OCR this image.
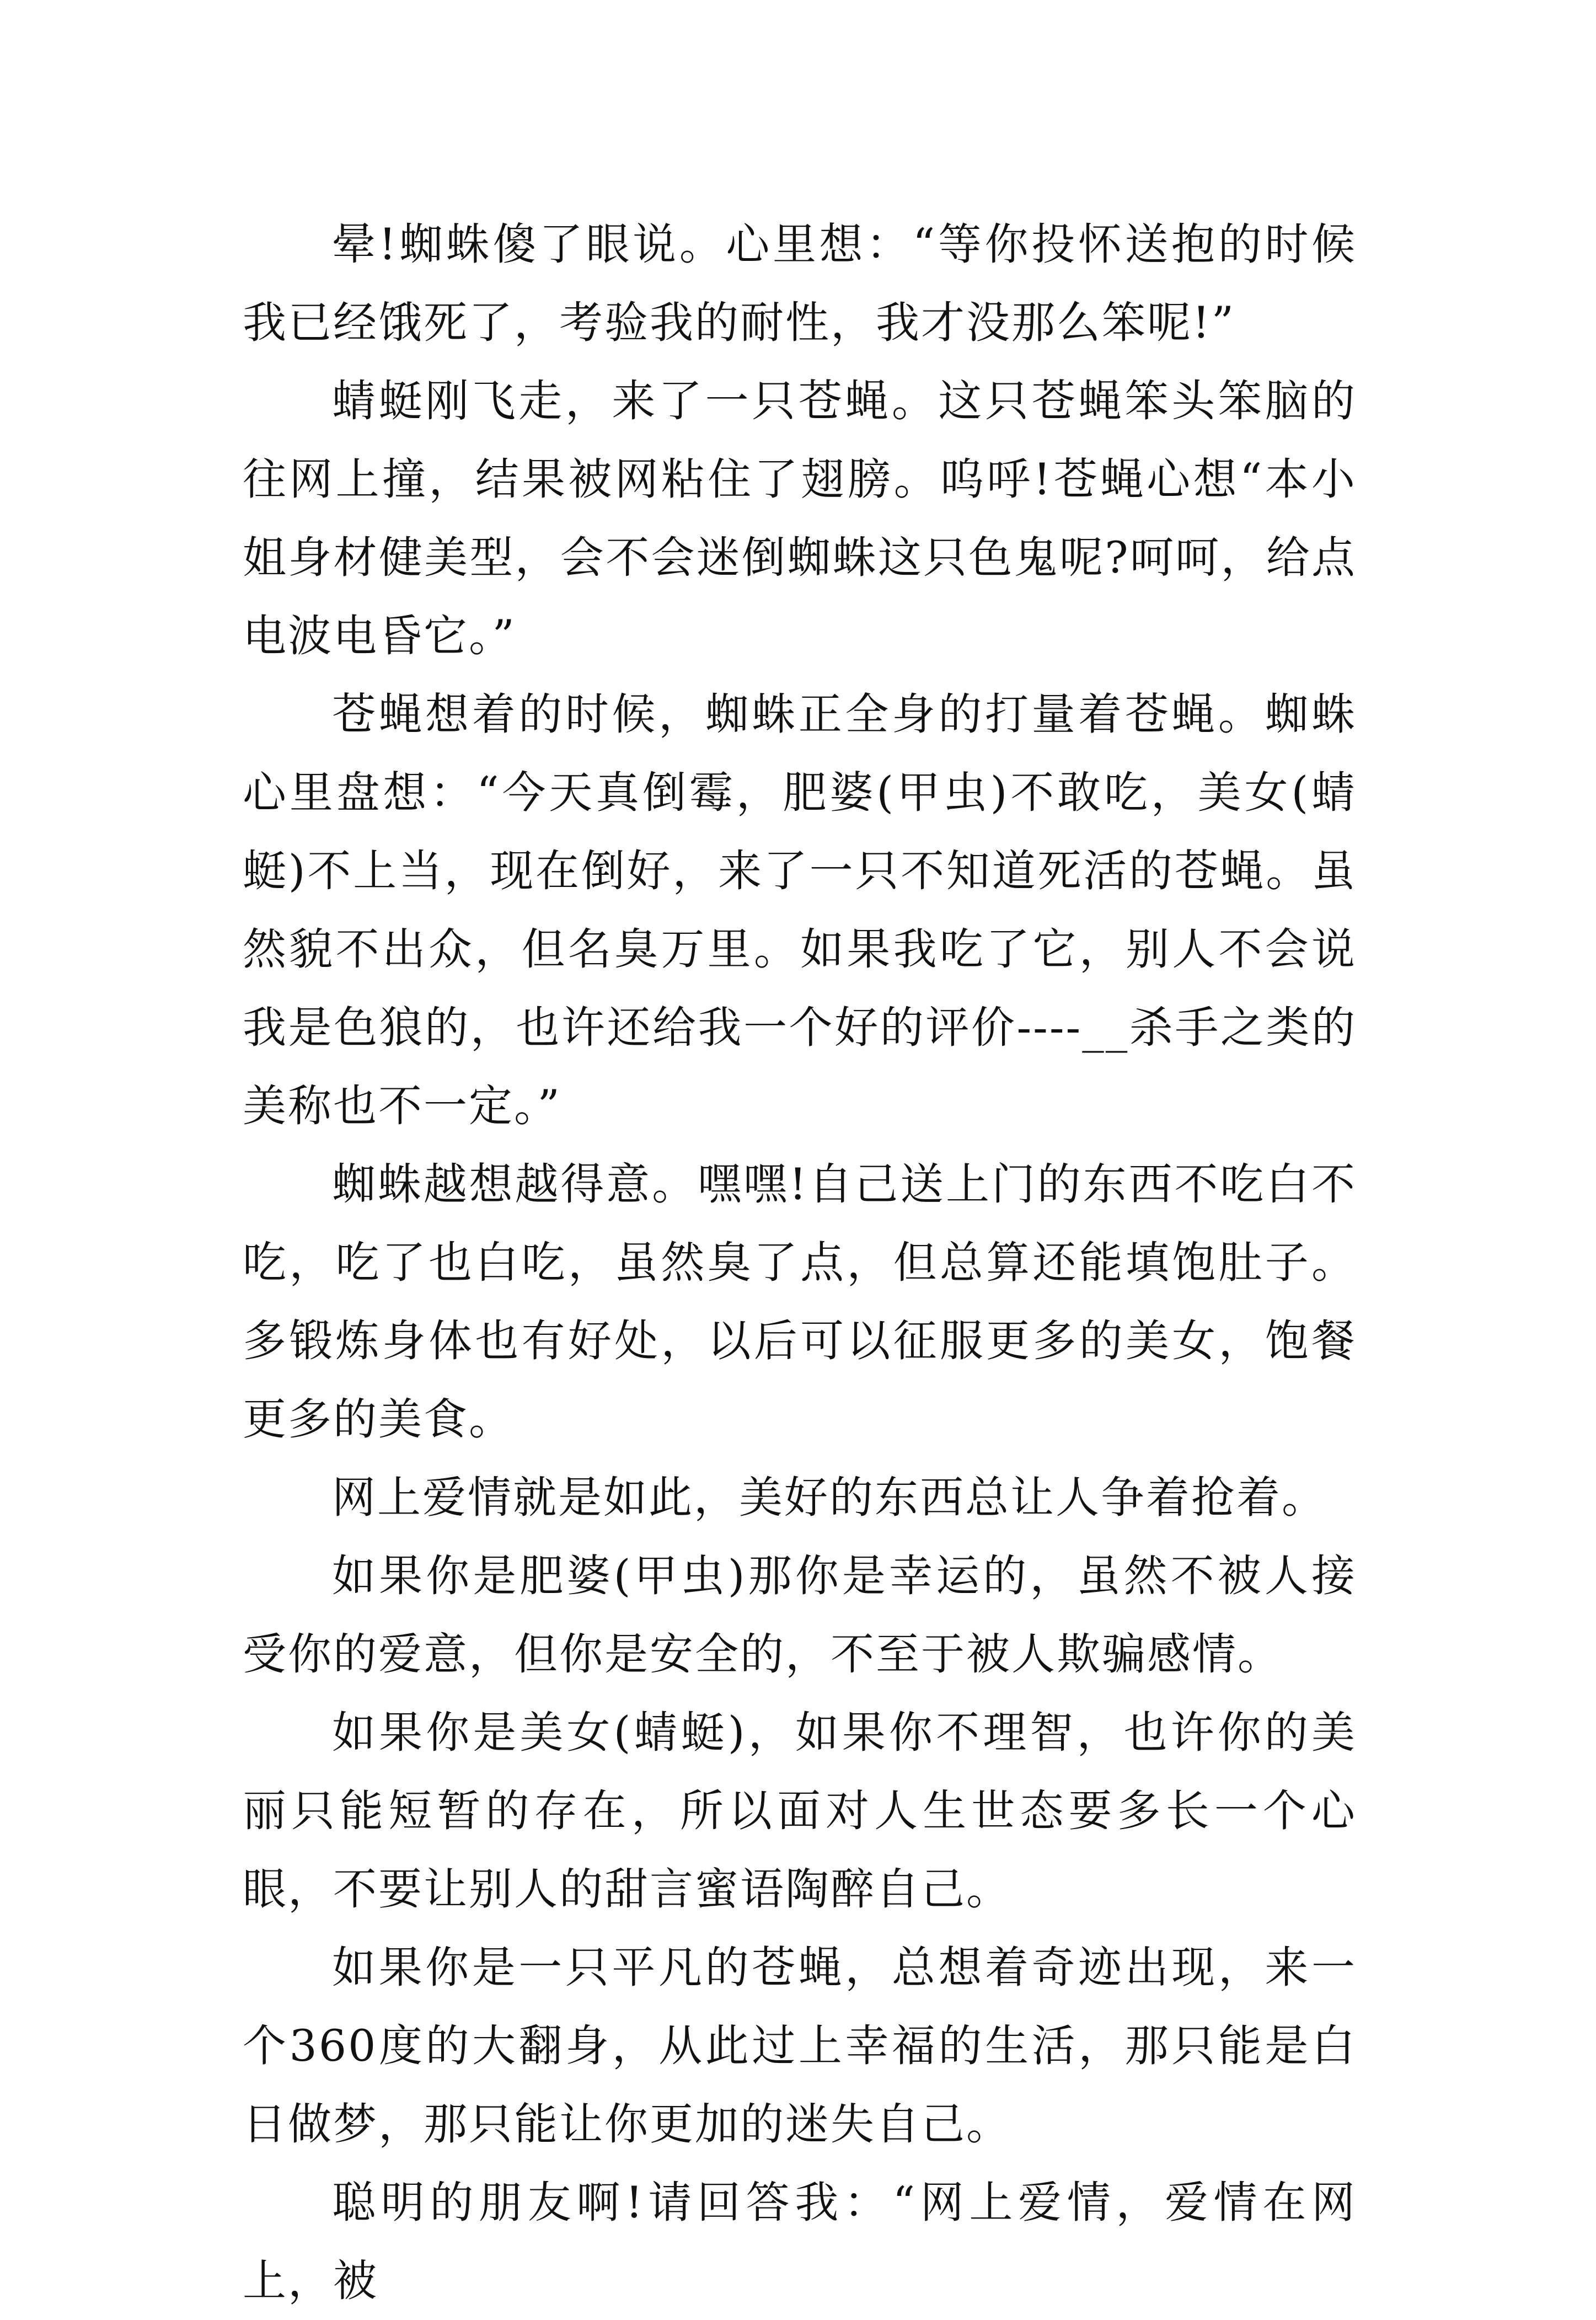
晕!蜘蛛傻了眼说。心里想：“等你投怀送抱的时候我已经饿死了，考验我的耐性，我才没那么笨呢!”

蜻蜓刚飞走，来了一只苍蝇。这只苍蝇笨头笨脑的往网上撞，结果被网粘住了翅膀。呜呼!苍蝇心想“本小姐身材健美型，会不会迷倒蜘蛛这只色鬼呢?呵呵，给点电波电昏它。”

苍蝇想着的时候，蜘蛛正全身的打量着苍蝇。蜘蛛心里盘想：“今天真倒霉，肥婆(甲虫)不敢吃，美女(蜻蜓)不上当，现在倒好，来了一只不知道死活的苍蝇。虽然貌不出众，但名臭万里。如果我吃了它，别人不会说我是色狼的，也许还给我一个好的评价----__杀手之类的美称也不一定。”

蜘蛛越想越得意。嘿嘿!自己送上门的东西不吃白不吃，吃了也白吃，虽然臭了点，但总算还能填饱肚子。多锻炼身体也有好处，以后可以征服更多的美女，饱餐更多的美食。

网上爱情就是如此，美好的东西总让人争着抢着。

如果你是肥婆(甲虫)那你是幸运的，虽然不被人接受你的爱意，但你是安全的，不至于被人欺骗感情。

如果你是美女(蜻蜓)，如果你不理智，也许你的美丽只能短暂的存在，所以面对人生世态要多长一个心眼，不要让别人的甜言蜜语陶醉自己。

如果你是一只平凡的苍蝇，总想着奇迹出现，来一个360度的大翻身，从此过上幸福的生活，那只能是白日做梦，那只能让你更加的迷失自己。

聪明的朋友啊!请回答我：“网上爱情，爱情在网上，被
